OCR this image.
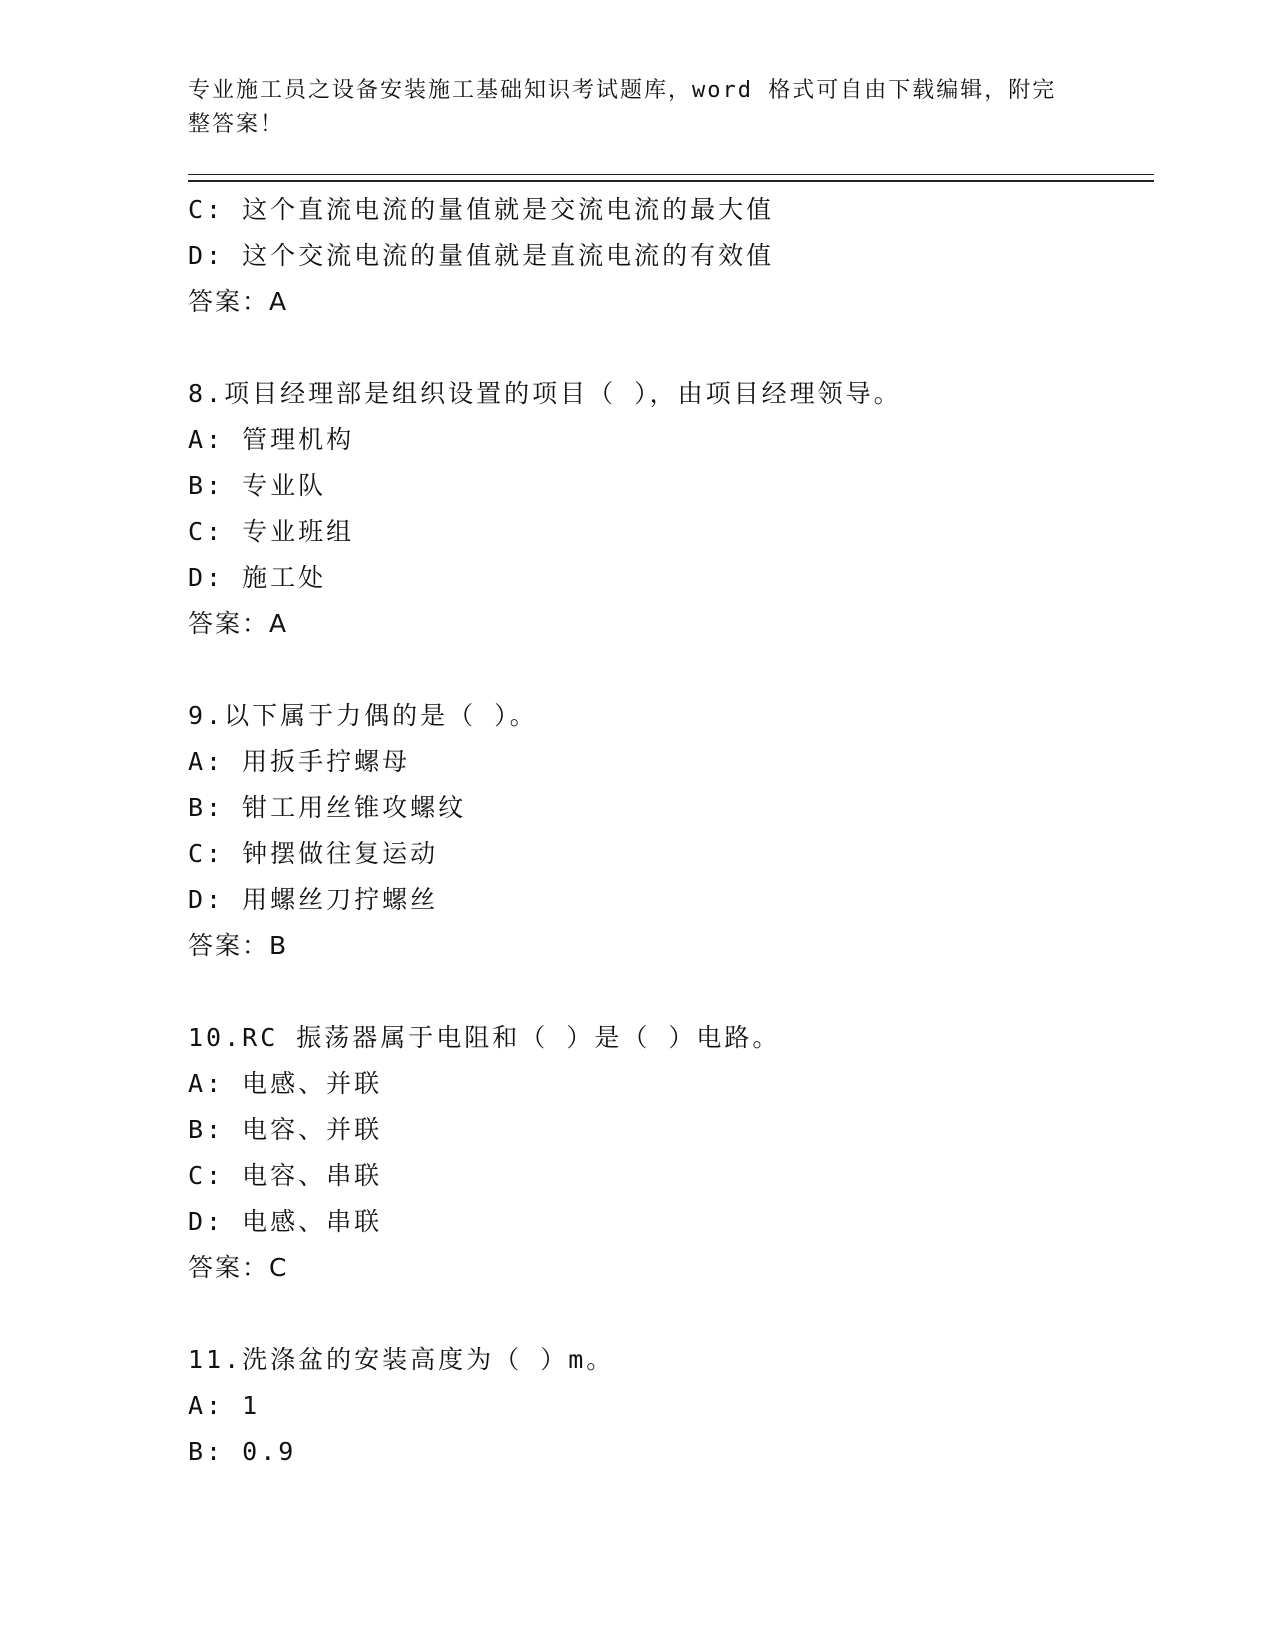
专业施工员之设备安装施工基础知识考试题库，word 格式可自由下载编辑，附完
整答案！
C: 这个直流电流的量值就是交流电流的最大值
D: 这个交流电流的量值就是直流电流的有效值
答案：A
8.项目经理部是组织设置的项目（ ），由项目经理领导。
A: 管理机构
B: 专业队
C: 专业班组
D: 施工处
答案：A
9.以下属于力偶的是（ ）。
A: 用扳手拧螺母
B: 钳工用丝锥攻螺纹
C: 钟摆做往复运动
D: 用螺丝刀拧螺丝
答案：B
10.RC 振荡器属于电阻和（ ）是（ ）电路。
A: 电感、并联
B: 电容、并联
C: 电容、串联
D: 电感、串联
答案：C
11.洗涤盆的安装高度为（ ）m。
A: 1
B: 0.9
